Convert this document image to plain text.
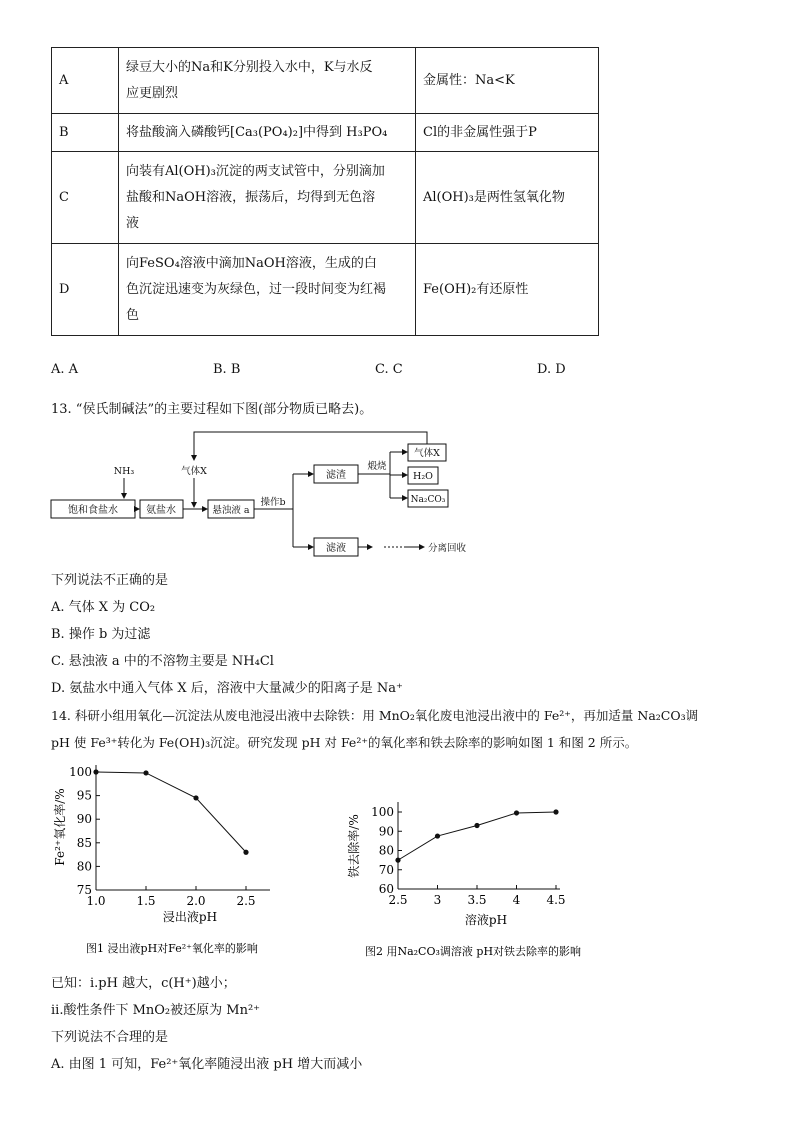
A	绿豆大小的Na和K分别投入水中，K与水反
应更剧烈	金属性：Na<K
B	将盐酸滴入磷酸钙[Ca₃(PO₄)₂]中得到 H₃PO₄	Cl的非金属性强于P
C	向装有Al(OH)₃沉淀的两支试管中，分别滴加
盐酸和NaOH溶液，振荡后，均得到无色溶
液	Al(OH)₃是两性氢氧化物
D	向FeSO₄溶液中滴加NaOH溶液，生成的白
色沉淀迅速变为灰绿色，过一段时间变为红褐
色	Fe(OH)₂有还原性
A. A	B. B	C. C	D. D
13. “侯氏制碱法”的主要过程如下图(部分物质已略去)。
饱和食盐水	氨盐水	悬浊液 a
滤渣
滤液
气体X
H₂O
Na₂CO₃
NH₃	气体X
操作b
煅烧
分离回收
下列说法不正确的是
A. 气体 X 为 CO₂
B. 操作 b 为过滤
C. 悬浊液 a 中的不溶物主要是 NH₄Cl
D. 氨盐水中通入气体 X 后，溶液中大量减少的阳离子是 Na⁺
14. 科研小组用氧化—沉淀法从废电池浸出液中去除铁：用 MnO₂氧化废电池浸出液中的 Fe²⁺，再加适量 Na₂CO₃调
pH 使 Fe³⁺转化为 Fe(OH)₃沉淀。研究发现 pH 对 Fe²⁺的氧化率和铁去除率的影响如图 1 和图 2 所示。
1.0	1.5	2.0	2.5
75
80
85
90
95
100
浸出液pH
Fe²⁺氧化率/%
图1 浸出液pH对Fe²⁺氧化率的影响
2.5 3 3.5 4 4.5
60
70
80
90
100
溶液pH
铁去除率/%
图2 用Na₂CO₃调溶液 pH对铁去除率的影响
已知：i.pH 越大，c(H⁺)越小；
ii.酸性条件下 MnO₂被还原为 Mn²⁺
下列说法不合理的是
A. 由图 1 可知，Fe²⁺氧化率随浸出液 pH 增大而减小
